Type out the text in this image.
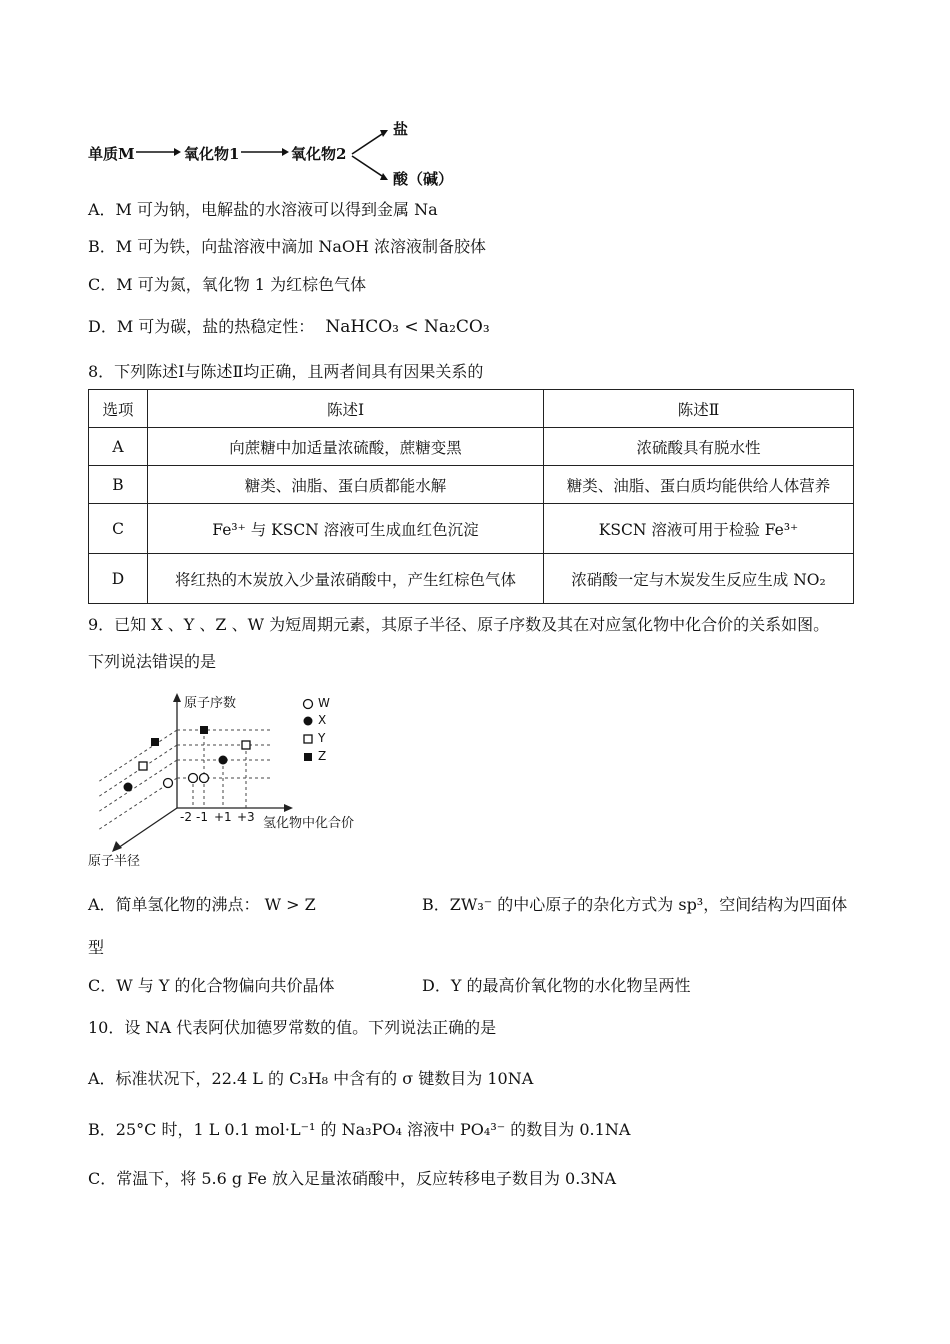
单质M	氧化物1	氧化物2
盐
酸（碱）
A．M 可为钠，电解盐的水溶液可以得到金属 Na
B．M 可为铁，向盐溶液中滴加 NaOH 浓溶液制备胶体
C．M 可为氮，氧化物 1 为红棕色气体
D．M 可为碳，盐的热稳定性： NaHCO₃ < Na₂CO₃
8．下列陈述Ⅰ与陈述Ⅱ均正确，且两者间具有因果关系的
选项	陈述Ⅰ	陈述Ⅱ
A	向蔗糖中加适量浓硫酸，蔗糖变黑	浓硫酸具有脱水性
B	糖类、油脂、蛋白质都能水解	糖类、油脂、蛋白质均能供给人体营养
C	Fe³⁺ 与 KSCN 溶液可生成血红色沉淀	KSCN 溶液可用于检验 Fe³⁺
D	将红热的木炭放入少量浓硝酸中，产生红棕色气体	浓硝酸一定与木炭发生反应生成 NO₂
9．已知 X 、Y 、Z 、W 为短周期元素，其原子半径、原子序数及其在对应氢化物中化合价的关系如图。
下列说法错误的是
原子序数
氢化物中化合价
原子半径
-2 -1 +1 +3
W
X
Y
Z
A．简单氢化物的沸点： W > Z	B．ZW₃⁻ 的中心原子的杂化方式为 sp³，空间结构为四面体
型
C．W 与 Y 的化合物偏向共价晶体	D．Y 的最高价氧化物的水化物呈两性
10．设 NA 代表阿伏加德罗常数的值。下列说法正确的是
A．标准状况下，22.4 L 的 C₃H₈ 中含有的 σ 键数目为 10NA
B．25°C 时，1 L 0.1 mol·L⁻¹ 的 Na₃PO₄ 溶液中 PO₄³⁻ 的数目为 0.1NA
C．常温下，将 5.6 g Fe 放入足量浓硝酸中，反应转移电子数目为 0.3NA
